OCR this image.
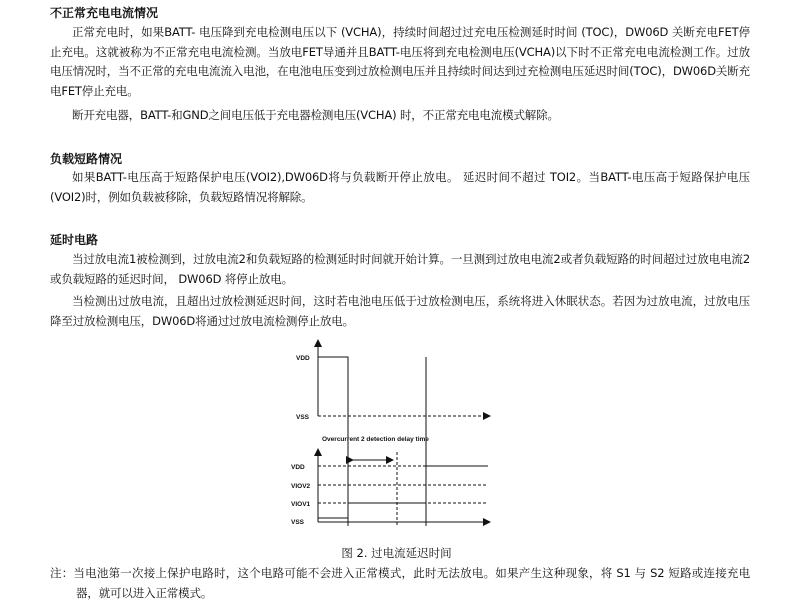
不正常充电电流情况
正常充电时，如果BATT- 电压降到充电检测电压以下 (VCHA)，持续时间超过过充电压检测延时时间 (TOC)，DW06D 关断充电FET停止充电。这就被称为不正常充电电流检测。当放电FET导通并且BATT-电压将到充电检测电压(VCHA)以下时不正常充电电流检测工作。过放电压情况时，当不正常的充电电流流入电池，在电池电压变到过放检测电压并且持续时间达到过充检测电压延迟时间(TOC)，DW06D关断充电FET停止充电。
断开充电器，BATT-和GND之间电压低于充电器检测电压(VCHA) 时，不正常充电电流模式解除。
负载短路情况
如果BATT-电压高于短路保护电压(VOI2),DW06D将与负载断开停止放电。 延迟时间不超过 TOI2。当BATT-电压高于短路保护电压(VOI2)时，例如负载被移除，负载短路情况将解除。
延时电路
当过放电流1被检测到，过放电流2和负载短路的检测延时时间就开始计算。一旦测到过放电电流2或者负载短路的时间超过过放电电流2或负载短路的延迟时间， DW06D 将停止放电。
当检测出过放电流，且超出过放检测延迟时间，这时若电池电压低于过放检测电压，系统将进入休眠状态。若因为过放电流，过放电压降至过放检测电压，DW06D将通过过放电流检测停止放电。
VDD
VSS
Overcurrent 2 detection delay time
VDD
VIOV2
VIOV1
VSS
图 2. 过电流延迟时间
注：当电池第一次接上保护电路时，这个电路可能不会进入正常模式，此时无法放电。如果产生这种现象，将 S1 与 S2 短路或连接充电器，就可以进入正常模式。
